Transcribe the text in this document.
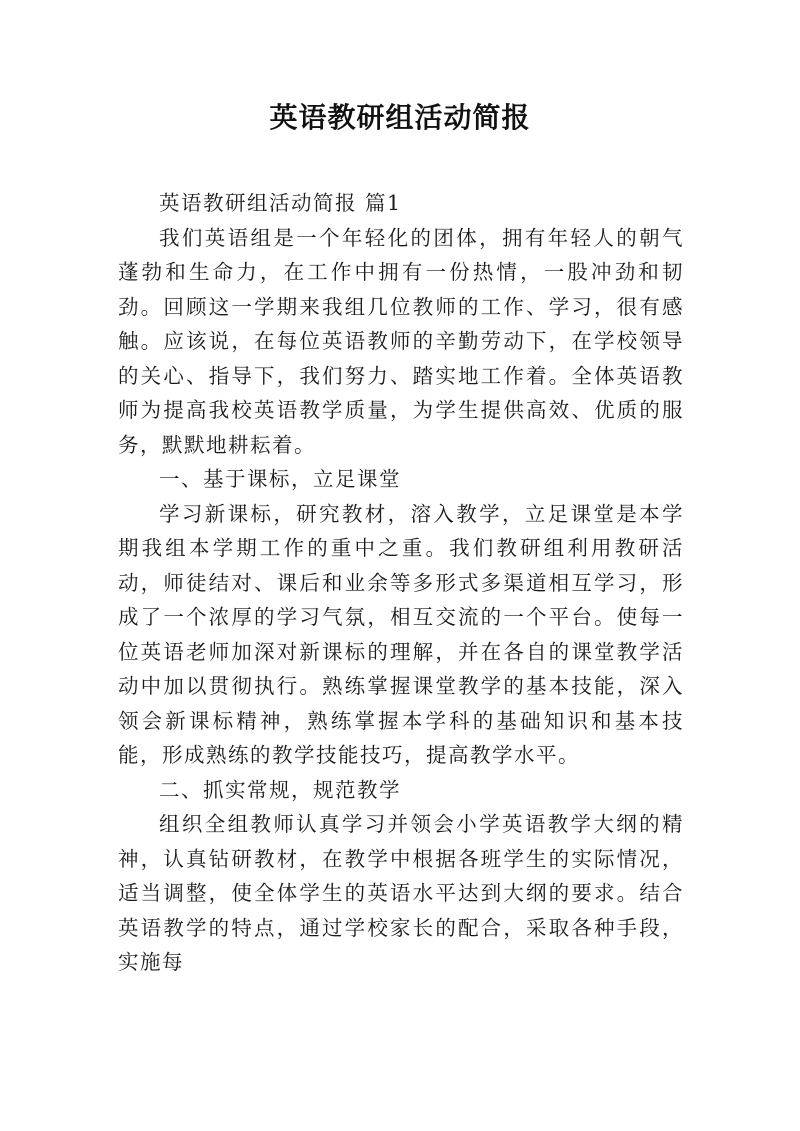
英语教研组活动简报

英语教研组活动简报 篇1

我们英语组是一个年轻化的团体，拥有年轻人的朝气蓬勃和生命力，在工作中拥有一份热情，一股冲劲和韧劲。回顾这一学期来我组几位教师的工作、学习，很有感触。应该说，在每位英语教师的辛勤劳动下，在学校领导的关心、指导下，我们努力、踏实地工作着。全体英语教师为提高我校英语教学质量，为学生提供高效、优质的服务，默默地耕耘着。

一、基于课标，立足课堂

学习新课标，研究教材，溶入教学，立足课堂是本学期我组本学期工作的重中之重。我们教研组利用教研活动，师徒结对、课后和业余等多形式多渠道相互学习，形成了一个浓厚的学习气氛，相互交流的一个平台。使每一位英语老师加深对新课标的理解，并在各自的课堂教学活动中加以贯彻执行。熟练掌握课堂教学的基本技能，深入领会新课标精神，熟练掌握本学科的基础知识和基本技能，形成熟练的教学技能技巧，提高教学水平。

二、抓实常规，规范教学

组织全组教师认真学习并领会小学英语教学大纲的精神，认真钻研教材，在教学中根据各班学生的实际情况，适当调整，使全体学生的英语水平达到大纲的要求。结合英语教学的特点，通过学校家长的配合，采取各种手段，实施每
